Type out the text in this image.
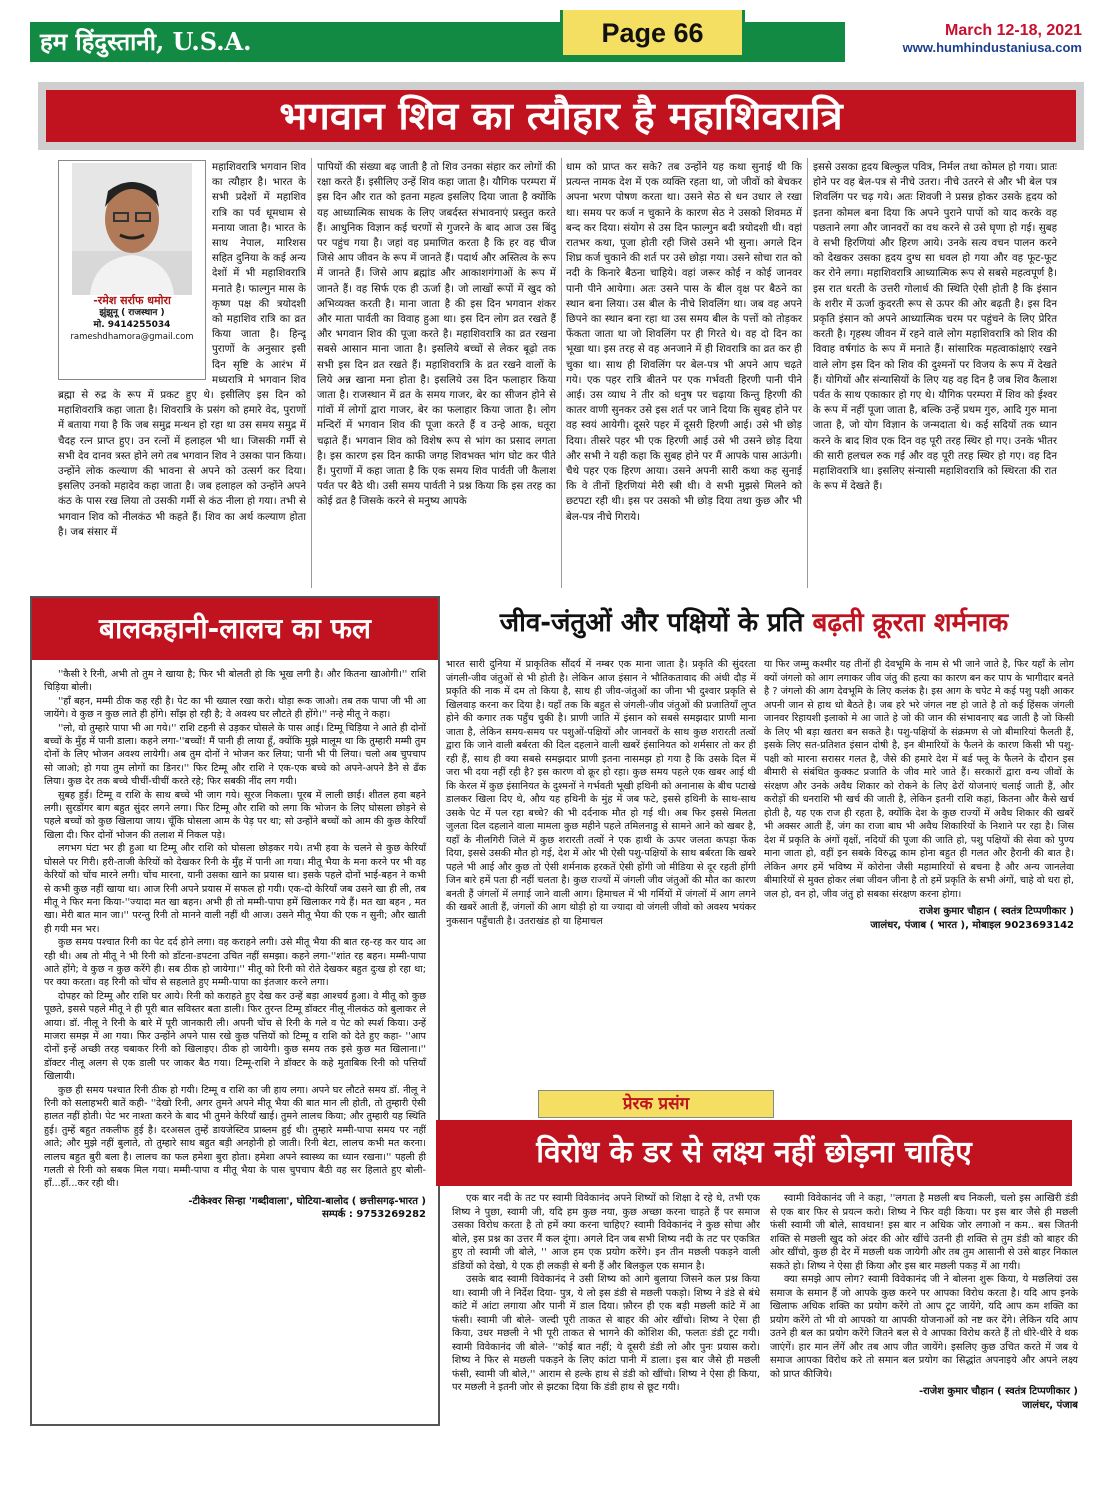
हम हिंदुस्तानी, U.S.A.	Page 66	March 12-18, 2021
www.humhindustaniusa.com
भगवान शिव का त्यौहार है महाशिवरात्रि
-रमेश सर्राफ धमोरा
झुंझुनू ( राजस्थान )
मो. 9414255034
rameshdhamora@gmail.com

महाशिवरात्रि भगवान शिव का त्यौहार है। भारत के सभी प्रदेशों में महाशिव रात्रि का पर्व धूमधाम से मनाया जाता है। भारत के साथ नेपाल, मारिशस सहित दुनिया के कई अन्य देशों में भी महाशिवरात्रि मनाते है। फाल्गुन मास के कृष्ण पक्ष की त्रयोदशी को महाशिव रात्रि का व्रत किया जाता है। हिन्दू पुराणों के अनुसार इसी दिन सृष्टि के आरंभ में मध्यरात्रि मे भगवान शिव ब्रह्मा से रुद्र के रूप में प्रकट हुए थे। इसीलिए इस दिन को महाशिवरात्रि कहा जाता है। शिवरात्रि के प्रसंग को हमारे वेद, पुराणों में बताया गया है कि जब समुद्र मन्थन हो रहा था उस समय समुद्र में चैदह रत्न प्राप्त हुए। उन रत्नों में हलाहल भी था। जिसकी गर्मी से सभी देव दानव त्रस्त होने लगे तब भगवान शिव ने उसका पान किया। उन्होंने लोक कल्याण की भावना से अपने को उत्सर्ग कर दिया। इसलिए उनको महादेव कहा जाता है। जब हलाहल को उन्होंने अपने कंठ के पास रख लिया तो उसकी गर्मी से कंठ नीला हो गया। तभी से भगवान शिव को नीलकंठ भी कहते हैं। शिव का अर्थ कल्याण होता है। जब संसार में

पापियों की संख्या बढ़ जाती है तो शिव उनका संहार कर लोगों की रक्षा करते हैं। इसीलिए उन्हें शिव कहा जाता है। यौगिक परम्परा में इस दिन और रात को इतना महत्व इसलिए दिया जाता है क्योंकि यह आध्यात्मिक साधक के लिए जबर्दस्त संभावनाएं प्रस्तुत करते हैं। आधुनिक विज्ञान कई चरणों से गुजरने के बाद आज उस बिंदु पर पहुंच गया है। जहां वह प्रमाणित करता है कि हर वह चीज जिसे आप जीवन के रूप में जानते हैं। पदार्थ और अस्तित्व के रूप में जानते हैं। जिसे आप ब्रह्मांड और आकाशगंगाओं के रूप में जानते हैं। वह सिर्फ एक ही ऊर्जा है। जो लाखों रूपों में खुद को अभिव्यक्त करती है। माना जाता है की इस दिन भगवान शंकर और माता पार्वती का विवाह हुआ था। इस दिन लोग व्रत रखते हैं और भगवान शिव की पूजा करते है। महाशिवरात्रि का व्रत रखना सबसे आसान माना जाता है। इसलिये बच्चों से लेकर बूढ़ो तक सभी इस दिन व्रत रखते हैं। महाशिवरात्रि के व्रत रखने वालों के लिये अन्न खाना मना होता है। इसलिये उस दिन फलाहार किया जाता है। राजस्थान में व्रत के समय गाजर, बेर का सीजन होने से गांवों में लोगों द्वारा गाजर, बेर का फलाहार किया जाता है। लोग मन्दिरों में भगवान शिव की पूजा करते हैं व उन्हे आक, धतूरा चढ़ाते हैं। भगवान शिव को विशेष रूप से भांग का प्रसाद लगता है। इस कारण इस दिन काफी जगह शिवभक्त भांग घोट कर पीते हैं। पुराणों में कहा जाता है कि एक समय शिव पार्वती जी कैलाश पर्वत पर बैठे थी। उसी समय पार्वती ने प्रश्न किया कि इस तरह का कोई व्रत है जिसके करने से मनुष्य आपके

धाम को प्राप्त कर सके? तब उन्होंने यह कथा सुनाई थी कि प्रत्यन्त नामक देश में एक व्यक्ति रहता था, जो जीवों को बेचकर अपना भरण पोषण करता था। उसने सेठ से धन उधार ले रखा था। समय पर कर्ज न चुकाने के कारण सेठ ने उसको शिवमठ में बन्द कर दिया। संयोग से उस दिन फाल्गुन बदी त्रयोदशी थी। वहां रातभर कथा, पूजा होती रही जिसे उसने भी सुना। अगले दिन शिघ्र कर्ज चुकाने की शर्त पर उसे छोड़ा गया। उसने सोचा रात को नदी के किनारे बैठना चाहिये। वहां जरूर कोई न कोई जानवर पानी पीने आयेगा। अतः उसने पास के बील वृक्ष पर बैठने का स्थान बना लिया। उस बील के नीचे शिवलिंग था। जब वह अपने छिपने का स्थान बना रहा था उस समय बील के पत्तों को तोड़कर फेंकता जाता था जो शिवलिंग पर ही गिरते थे। वह दो दिन का भूखा था। इस तरह से वह अनजाने में ही शिवरात्रि का व्रत कर ही चुका था। साथ ही शिवलिंग पर बेल-पत्र भी अपने आप चढ़ते गये। एक पहर रात्रि बीतने पर एक गर्भवती हिरणी पानी पीने आई। उस व्याध ने तीर को धनुष पर चढ़ाया किन्तु हिरणी की कातर वाणी सुनकर उसे इस शर्त पर जाने दिया कि सुबह होने पर वह स्वयं आयेगी। दूसरे पहर में दूसरी हिरणी आई। उसे भी छोड़ दिया। तीसरे पहर भी एक हिरणी आई उसे भी उसने छोड़ दिया और सभी ने यही कहा कि सुबह होने पर मैं आपके पास आऊंगी। चैथे पहर एक हिरण आया। उसने अपनी सारी कथा कह सुनाई कि वे तीनों हिरणियां मेरी स्त्री थी। वे सभी मुझसे मिलने को छटपटा रही थी। इस पर उसको भी छोड़ दिया तथा कुछ और भी बेल-पत्र नीचे गिराये।

इससे उसका हृदय बिल्कुल पवित्र, निर्मल तथा कोमल हो गया। प्रातः होने पर वह बेल-पत्र से नीचे उतरा। नीचे उतरने से और भी बेल पत्र शिवलिंग पर चढ़ गये। अतः शिवजी ने प्रसन्न होकर उसके हृदय को इतना कोमल बना दिया कि अपने पुराने पापों को याद करके वह पछताने लगा और जानवरों का वध करने से उसे घृणा हो गई। सुबह वे सभी हिरणियां और हिरण आये। उनके सत्य वचन पालन करने को देखकर उसका हृदय दुग्ध सा धवल हो गया और वह फूट-फूट कर रोने लगा। महाशिवरात्रि आध्यात्मिक रूप से सबसे महत्वपूर्ण है। इस रात धरती के उत्तरी गोलार्ध की स्थिति ऐसी होती है कि इंसान के शरीर में ऊर्जा कुदरती रूप से ऊपर की ओर बढ़ती है। इस दिन प्रकृति इंसान को अपने आध्यात्मिक चरम पर पहुंचने के लिए प्रेरित करती है। गृहस्थ जीवन में रहने वाले लोग महाशिवरात्रि को शिव की विवाह वर्षगांठ के रूप में मनाते हैं। सांसारिक महत्वाकांक्षाएं रखने वाले लोग इस दिन को शिव की दुश्मनों पर विजय के रूप में देखते हैं। योगियों और संन्यासियों के लिए यह वह दिन है जब शिव कैलाश पर्वत के साथ एकाकार हो गए थे। यौगिक परम्परा में शिव को ईश्वर के रूप में नहीं पूजा जाता है, बल्कि उन्हें प्रथम गुरु, आदि गुरु माना जाता है, जो योग विज्ञान के जन्मदाता थे। कई सदियों तक ध्यान करने के बाद शिव एक दिन वह पूरी तरह स्थिर हो गए। उनके भीतर की सारी हलचल रुक गई और वह पूरी तरह स्थिर हो गए। वह दिन महाशिवरात्रि था। इसलिए संन्यासी महाशिवरात्रि को स्थिरता की रात के रूप में देखते हैं।

बालकहानी-लालच का फल

''कैसी रे रिनी, अभी तो तुम ने खाया है; फिर भी बोलती हो कि भूख लगी है। और कितना खाओगी।'' राशि चिड़िया बोली।

''हाँ बहन, मम्मी ठीक कह रही है। पेट का भी ख्याल रखा करो। थोड़ा रूक जाओ। तब तक पापा जी भी आ जायेंगे। वे कुछ न कुछ लाते ही होंगे। साँझ हो रही है; वे अवश्य घर लौटते ही होंगे।'' नन्हे मीतू ने कहा।

''लो, वो तुम्हारे पापा भी आ गये।'' राशि टहनी से उड़कर घोसले के पास आई। टिम्मू चिड़िया ने आते ही दोनों बच्चों के मुँह में पानी डाला। कहने लगा-''बच्चों! मैं पानी ही लाया हूँ, क्योंकि मुझे मालूम था कि तुम्हारी मम्मी तुम दोनों के लिए भोजन अवश्य लायेगी। अब तुम दोनों ने भोजन कर लिया; पानी भी पी लिया। चलो अब चुपचाप सो जाओ; हो गया तुम लोगों का डिनर।'' फिर टिम्मू और राशि ने एक-एक बच्चे को अपने-अपने डैने से ढँक लिया। कुछ देर तक बच्चे चीचीं-चीचीं करते रहे; फिर सबकी नींद लग गयी।

सुबह हुई। टिम्मू व राशि के साथ बच्चे भी जाग गये। सूरज निकला। पूरब में लाली छाई। शीतल हवा बहने लगी। सुरडोंगर बाग बहुत सुंदर लगने लगा। फिर टिम्मू और राशि को लगा कि भोजन के लिए घोसला छोड़ने से पहले बच्चों को कुछ खिलाया जाय। चूँकि घोसला आम के पेड़ पर था; सो उन्होंने बच्चों को आम की कुछ केरियाँ खिला दी। फिर दोनों भोजन की तलाश में निकल पड़े।

लगभग घंटा भर ही हुआ था टिम्मू और राशि को घोसला छोड़कर गये। तभी हवा के चलने से कुछ केरियाँ घोसले पर गिरी। हरी-ताजी केरियों को देखकर रिनी के मुँह में पानी आ गया। मीतू भैया के मना करने पर भी वह केरियों को चोंच मारने लगी। चोंच मारना, यानी उसका खाने का प्रयास था। इसके पहले दोनों भाई-बहन ने कभी से कभी कुछ नहीं खाया था। आज रिनी अपने प्रयास में सफल हो गयी। एक-दो केरियाँ जब उसने खा ही ली, तब मीतू ने फिर मना किया-''ज्यादा मत खा बहन। अभी ही तो मम्मी-पापा हमें खिलाकर गये हैं। मत खा बहन , मत खा। मेरी बात मान जा।'' परन्तु रिनी तो मानने वाली नहीं थी आज। उसने मीतू भैया की एक न सुनी; और खाती ही गयी मन भर।

कुछ समय पश्चात रिनी का पेट दर्द होने लगा। वह कराहने लगी। उसे मीतू भैया की बात रह-रह कर याद आ रही थी। अब तो मीतू ने भी रिनी को डाँटना-डपटना उचित नहीं समझा। कहने लगा-''शांत रह बहन। मम्मी-पापा आते होंगे; वे कुछ न कुछ करेंगे ही। सब ठीक हो जायेगा।'' मीतू को रिनी को रोते देखकर बहुत दुःख हो रहा था; पर क्या करता। वह रिनी को चोंच से सहलाते हुए मम्मी-पापा का इंतजार करने लगा।

दोपहर को टिम्मू और राशि घर आये। रिनी को कराहते हुए देख कर उन्हें बड़ा आश्चर्य हुआ। वे मीतू को कुछ पूछते, इससे पहले मीतू ने ही पूरी बात सविस्तर बता डाली। फिर तुरन्त टिम्मू डॉक्टर नीलू नीलकंठ को बुलाकर ले आया। डॉ. नीलू ने रिनी के बारे में पूरी जानकारी ली। अपनी चोंच से रिनी के गले व पेट को स्पर्श किया। उन्हें माजरा समझ में आ गया। फिर उन्होंने अपने पास रखे कुछ पत्तियों को टिम्मू व राशि को देते हुए कहा- ''आप दोनों इन्हें अच्छी तरह चबाकर रिनी को खिलाइए। ठीक हो जायेगी। कुछ समय तक इसे कुछ मत खिलाना।'' डॉक्टर नीलू अलग से एक डाली पर जाकर बैठ गया। टिम्मू-राशि ने डॉक्टर के कहे मुताबिक रिनी को पत्तियाँ खिलायी।

कुछ ही समय पश्चात रिनी ठीक हो गयी। टिम्मू व राशि का जी हाय लगा। अपने घर लौटते समय डॉ. नीलू ने रिनी को सलाहभरी बातें कही- ''देखो रिनी, अगर तुमने अपने मीतू भैया की बात मान ली होती, तो तुम्हारी ऐसी हालत नहीं होती। पेट भर नाश्ता करने के बाद भी तुमने केरियाँ खाई। तुमने लालच किया; और तुम्हारी यह स्थिति हुई। तुम्हें बहुत तकलीफ हुई है। दरअसल तुम्हें डायजेस्टिव प्राब्लम हुई थी। तुम्हारे मम्मी-पापा समय पर नहीं आते; और मुझे नहीं बुलाते, तो तुम्हारे साथ बहुत बड़ी अनहोनी हो जाती। रिनी बेटा, लालच कभी मत करना। लालच बहुत बुरी बला है। लालच का फल हमेशा बुरा होता। हमेशा अपने स्वास्थ्य का ध्यान रखना।'' पहली ही गलती से रिनी को सबक मिल गया। मम्मी-पापा व मीतू भैया के पास चुपचाप बैठी वह सर हिलाते हुए बोली-हाँ...हाँ...कर रही थी।

-टीकेश्वर सिन्हा 'गब्दीवाला', घोटिया-बालोद ( छत्तीसगढ़-भारत )
सम्पर्क : 9753269282
जीव-जंतुओं और पक्षियों के प्रति बढ़ती क्रूरता शर्मनाक

भारत सारी दुनिया में प्राकृतिक सौंदर्य में नम्बर एक माना जाता है। प्रकृति की सुंदरता जंगली-जीव जंतुओं से भी होती है। लेकिन आज इंसान ने भौतिकतावाद की अंधी दौड़ में प्रकृति की नाक में दम तो किया है, साथ ही जीव-जंतुओं का जीना भी दुश्वार प्रकृति से खिलवाड़ करना कर दिया है। यहाँ तक कि बहुत से जंगली-जीव जंतुओं की प्रजातियाँ लुप्त होने की कगार तक पहुँच चुकी है। प्राणी जाति में इंसान को सबसे समझदार प्राणी माना जाता है, लेकिन समय-समय पर पशुओं-पक्षियों और जानवरों के साथ कुछ शरारती तत्वों द्वारा कि जाने वाली बर्बरता की दिल दहलाने वाली खबरें इंसानियत को शर्मसार तो कर ही रही हैं, साथ ही क्या सबसे समझदार प्राणी इतना नासमझ हो गया है कि उसके दिल में जरा भी दया नहीं रही है? इस कारण वो क्रूर हो रहा। कुछ समय पहले एक खबर आई थी कि केरल में कुछ इंसानियत के दुश्मनों ने गर्भवती भूखी हथिनी को अनानास के बीच पटाखे डालकर खिला दिए थे, औय यह हथिनी के मुंह में जब फटे, इससे हथिनी के साथ-साथ उसके पेट में पल रहा बच्चे? की भी दर्दनाक मौत हो गई थी। अब फिर इससे मिलता जुलता दिल दहलाने वाला मामला कुछ महीने पहले तमिलनाडु से सामने आने को खबर है, यहाँ के नीलगिरी जिले में कुछ शरारती तत्वों ने एक हाथी के ऊपर जलता कपड़ा फेंक दिया, इससे उसकी मौत हो गई, देश में ओर भी ऐसी पशु-पक्षियों के साथ बर्बरता कि खबरे पहले भी आई और कुछ तो ऐसी शर्मनाक हरकतें ऐसी होंगी जो मीडिया से दूर रहती होंगी जिन बारे हमें पता ही नहीं चलता है। कुछ राज्यों में जंगली जीव जंतुओं की मौत का कारण बनती हैं जंगलों में लगाई जाने वाली आग। हिमाचल में भी गर्मियों में जंगलों में आग लगने की खबरें आती हैं, जंगलों की आग थोड़ी हो या ज्यादा वो जंगली जीवो को अवश्य भयंकर नुकसान पहुँचाती है। उतराखंड हो या हिमाचल

या फिर जम्मु कश्मीर यह तीनों ही देवभूमि के नाम से भी जाने जाते है, फिर यहाँ के लोग क्यों जंगलो को आग लगाकर जीव जंतु की हत्या का कारण बन कर पाप के भागीदार बनते है ? जंगलो की आग देवभूमि के लिए कलंक है। इस आग के चपेट मे कई पशु पक्षी आकर अपनी जान से हाथ धो बैठते है। जब हरे भरे जंगल नष्ट हो जाते है तो कई हिंसक जंगली जानवर रिहायशी इलाको मे आ जाते हे जो की जान की संभावनाए बढ जाती है जो किसी के लिए भी बड़ा खतरा बन सकते है। पशु-पक्षियों के संक्रमण से जो बीमारियां फैलती हैं, इसके लिए सत-प्रतिशत इंसान दोषी है, इन बीमारियों के फैलने के कारण किसी भी पशु-पक्षी को मारना सरासर गलत है, जैसे की हमारे देश में बर्ड फ्लू के फैलने के दौरान इस बीमारी से संबंधित कुक्कट प्रजाति के जीव मारे जाते हैं। सरकारों द्वारा वन्य जीवों के संरक्षण और उनके अवैध शिकार को रोकने के लिए ढेरों योजनाएं चलाई जाती हैं, और करोड़ों की धनराशि भी खर्च की जाती है, लेकिन इतनी राशि कहां, कितना और कैसे खर्च होती है, यह एक राज ही रहता है, क्योंकि देश के कुछ राज्यों में अवैध शिकार की खबरें भी अक्सर आती हैं, जंग का राजा बाघ भी अवैध शिकारियों के निशाने पर रहा है। जिस देश में प्रकृति के अंगों वृक्षों, नदियों की पूजा की जाति हो, पशु पक्षियों की सेवा को पुण्य माना जाता हो, वहीं इन सबके विरुद्ध काम होना बहुत ही गलत और हैरानी की बात है। लेकिन अगर हमें भविष्य में कोरोना जैसी महामारियों से बचना है और अन्य जानलेवा बीमारियों से मुक्त होकर लंबा जीवन जीना है तो हमें प्रकृति के सभी अंगों, चाहे वो धरा हो, जल हो, वन हो, जीव जंतु हो सबका संरक्षण करना होगा।

राजेश कुमार चौहान ( स्वतंत्र टिप्पणीकार )
जालंधर, पंजाब ( भारत ), मोबाइल 9023693142
प्रेरक प्रसंग
विरोध के डर से लक्ष्य नहीं छोड़ना चाहिए

एक बार नदी के तट पर स्वामी विवेकानंद अपने शिष्यों को शिक्षा दे रहे थे, तभी एक शिष्य ने पुछा, स्वामी जी, यदि हम कुछ नया, कुछ अच्छा करना चाहते हैं पर समाज उसका विरोध करता है तो हमें क्या करना चाहिए? स्वामी विवेकानंद ने कुछ सोचा और बोले, इस प्रश्न का उत्तर मैं कल दूंगा। अगले दिन जब सभी शिष्य नदी के तट पर एकत्रित हुए तो स्वामी जी बोले, '' आज हम एक प्रयोग करेंगे। इन तीन मछली पकड़ने वाली डंडियों को देखो, ये एक ही लकड़ी से बनी हैं और बिलकुल एक समान है।

उसके बाद स्वामी विवेकानंद ने उसी शिष्य को आगे बुलाया जिसने कल प्रश्न किया था। स्वामी जी ने निर्देश दिया- पुत्र, ये लो इस डंडी से मछली पकड़ो। शिष्य ने डंडे से बंधे कांटे में आंटा लगाया और पानी में डाल दिया। फ़ौरन ही एक बड़ी मछली कांटे में आ फंसी। स्वामी जी बोले- जल्दी पूरी ताकत से बाहर की ओर खींचो। शिष्य ने ऐसा ही किया, उधर मछली ने भी पूरी ताकत से भागने की कोशिश की, फलतः डंडी टूट गयी। स्वामी विवेकानंद जी बोले- ''कोई बात नहीं; ये दूसरी डंडी लो और पुनः प्रयास करो। शिष्य ने फिर से मछली पकड़ने के लिए कांटा पानी में डाला। इस बार जैसे ही मछली फंसी, स्वामी जी बोले,'' आराम से हल्के हाथ से डंडी को खींचो। शिष्य ने ऐसा ही किया, पर मछली ने इतनी जोर से झटका दिया कि डंडी हाथ से छूट गयी।

स्वामी विवेकानंद जी ने कहा, ''लगता है मछली बच निकली, चलो इस आखिरी डंडी से एक बार फिर से प्रयत्न करो। शिष्य ने फिर वही किया। पर इस बार जैसे ही मछली फंसी स्वामी जी बोले, सावधान! इस बार न अधिक जोर लगाओ न कम.. बस जितनी शक्ति से मछली खुद को अंदर की ओर खींचे उतनी ही शक्ति से तुम डंडी को बाहर की ओर खींचो, कुछ ही देर में मछली थक जायेगी और तब तुम आसानी से उसे बाहर निकाल सकते हो। शिष्य ने ऐसा ही किया और इस बार मछली पकड़ में आ गयी।

क्या समझे आप लोग? स्वामी विवेकानंद जी ने बोलना शुरू किया, ये मछलियां उस समाज के समान हैं जो आपके कुछ करने पर आपका विरोध करता है। यदि आप इनके खिलाफ अधिक शक्ति का प्रयोग करेंगे तो आप टूट जायेंगे, यदि आप कम शक्ति का प्रयोग करेंगे तो भी वो आपको या आपकी योजनाओं को नष्ट कर देंगे। लेकिन यदि आप उतने ही बल का प्रयोग करेंगे जितने बल से वे आपका विरोध करते हैं तो धीरे-धीरे वे थक जाएंगें। हार मान लेंगें और तब आप जीत जायेंगे। इसलिए कुछ उचित करते में जब ये समाज आपका विरोध करे तो समान बल प्रयोग का सिद्धांत अपनाइये और अपने लक्ष्य को प्राप्त कीजिये।

-राजेश कुमार चौहान ( स्वतंत्र टिप्पणीकार )
जालंधर, पंजाब
